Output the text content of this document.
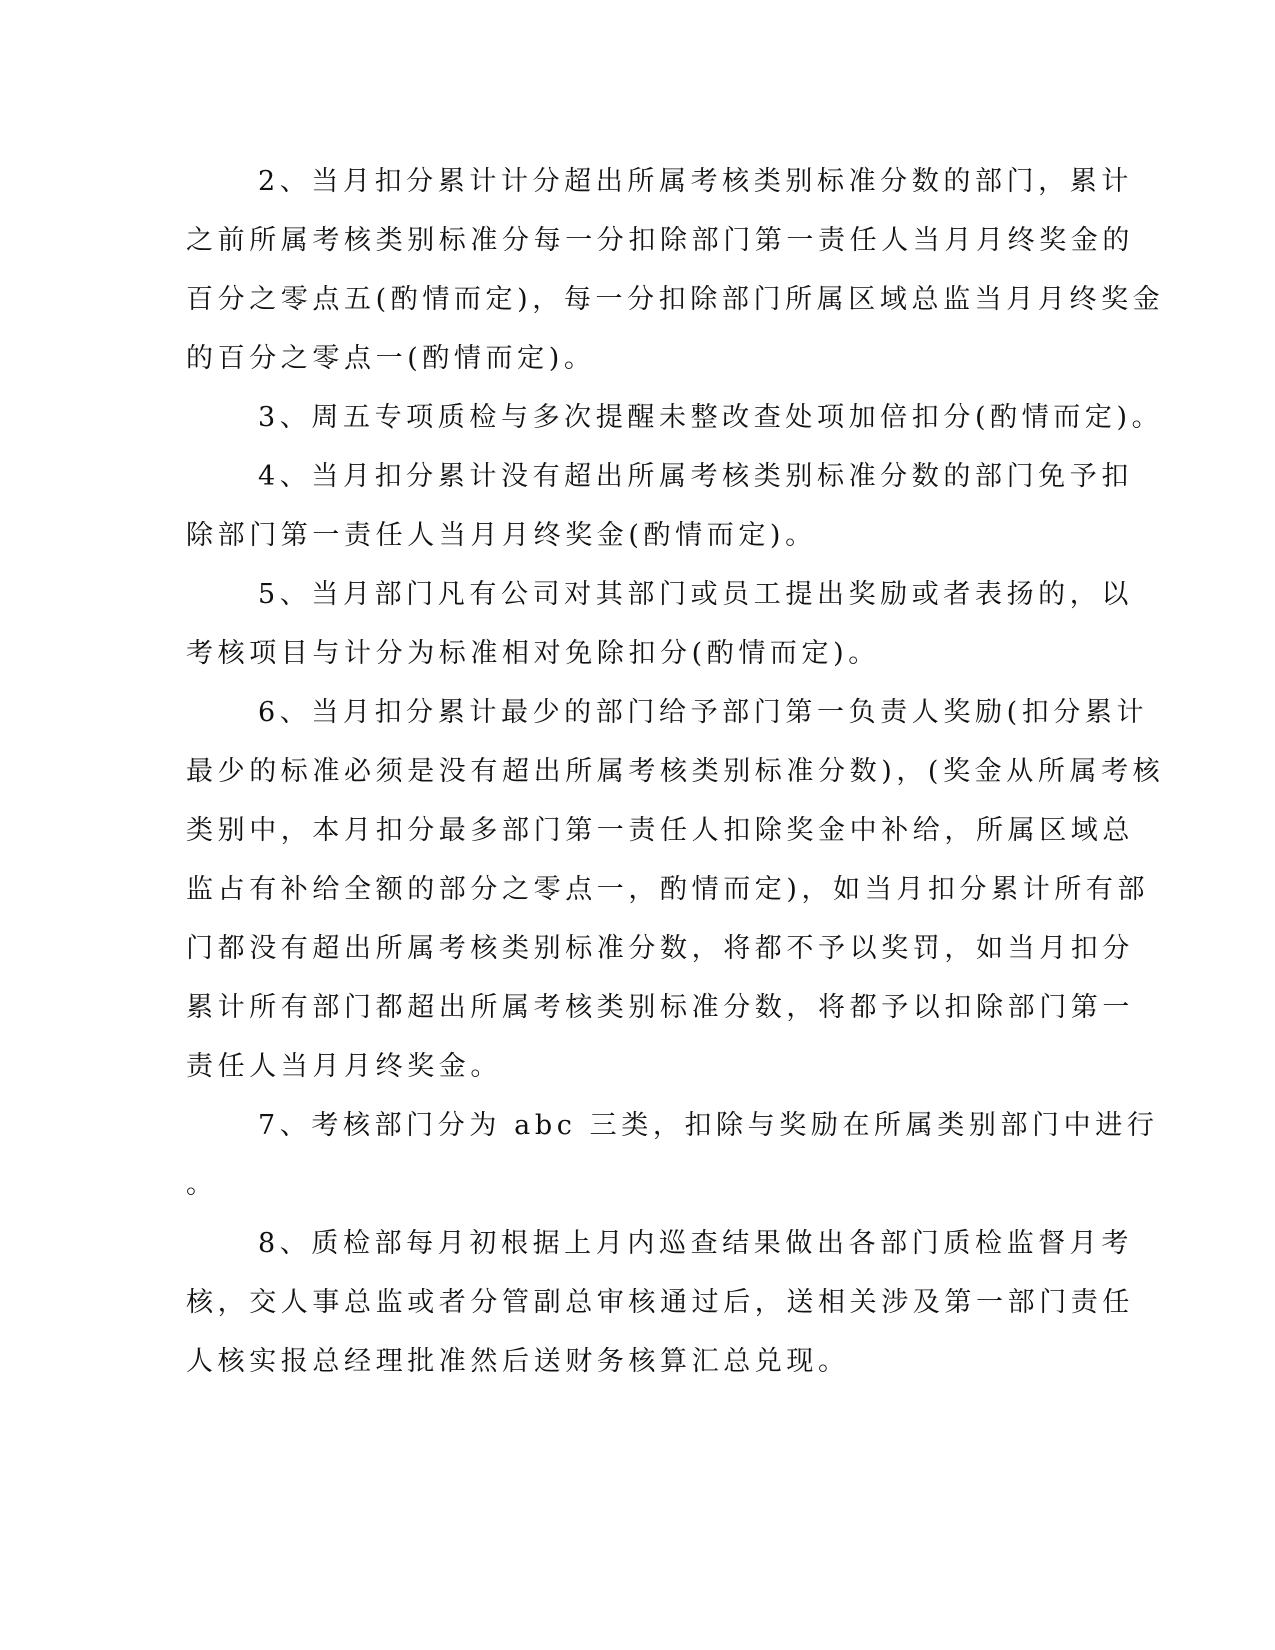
2、当月扣分累计计分超出所属考核类别标准分数的部门，累计
之前所属考核类别标准分每一分扣除部门第一责任人当月月终奖金的
百分之零点五(酌情而定)，每一分扣除部门所属区域总监当月月终奖金
的百分之零点一(酌情而定)。
3、周五专项质检与多次提醒未整改查处项加倍扣分(酌情而定)。
4、当月扣分累计没有超出所属考核类别标准分数的部门免予扣
除部门第一责任人当月月终奖金(酌情而定)。
5、当月部门凡有公司对其部门或员工提出奖励或者表扬的，以
考核项目与计分为标准相对免除扣分(酌情而定)。
6、当月扣分累计最少的部门给予部门第一负责人奖励(扣分累计
最少的标准必须是没有超出所属考核类别标准分数)，(奖金从所属考核
类别中，本月扣分最多部门第一责任人扣除奖金中补给，所属区域总
监占有补给全额的部分之零点一，酌情而定)，如当月扣分累计所有部
门都没有超出所属考核类别标准分数，将都不予以奖罚，如当月扣分
累计所有部门都超出所属考核类别标准分数，将都予以扣除部门第一
责任人当月月终奖金。
7、考核部门分为 abc 三类，扣除与奖励在所属类别部门中进行
。
8、质检部每月初根据上月内巡查结果做出各部门质检监督月考
核，交人事总监或者分管副总审核通过后，送相关涉及第一部门责任
人核实报总经理批准然后送财务核算汇总兑现。
